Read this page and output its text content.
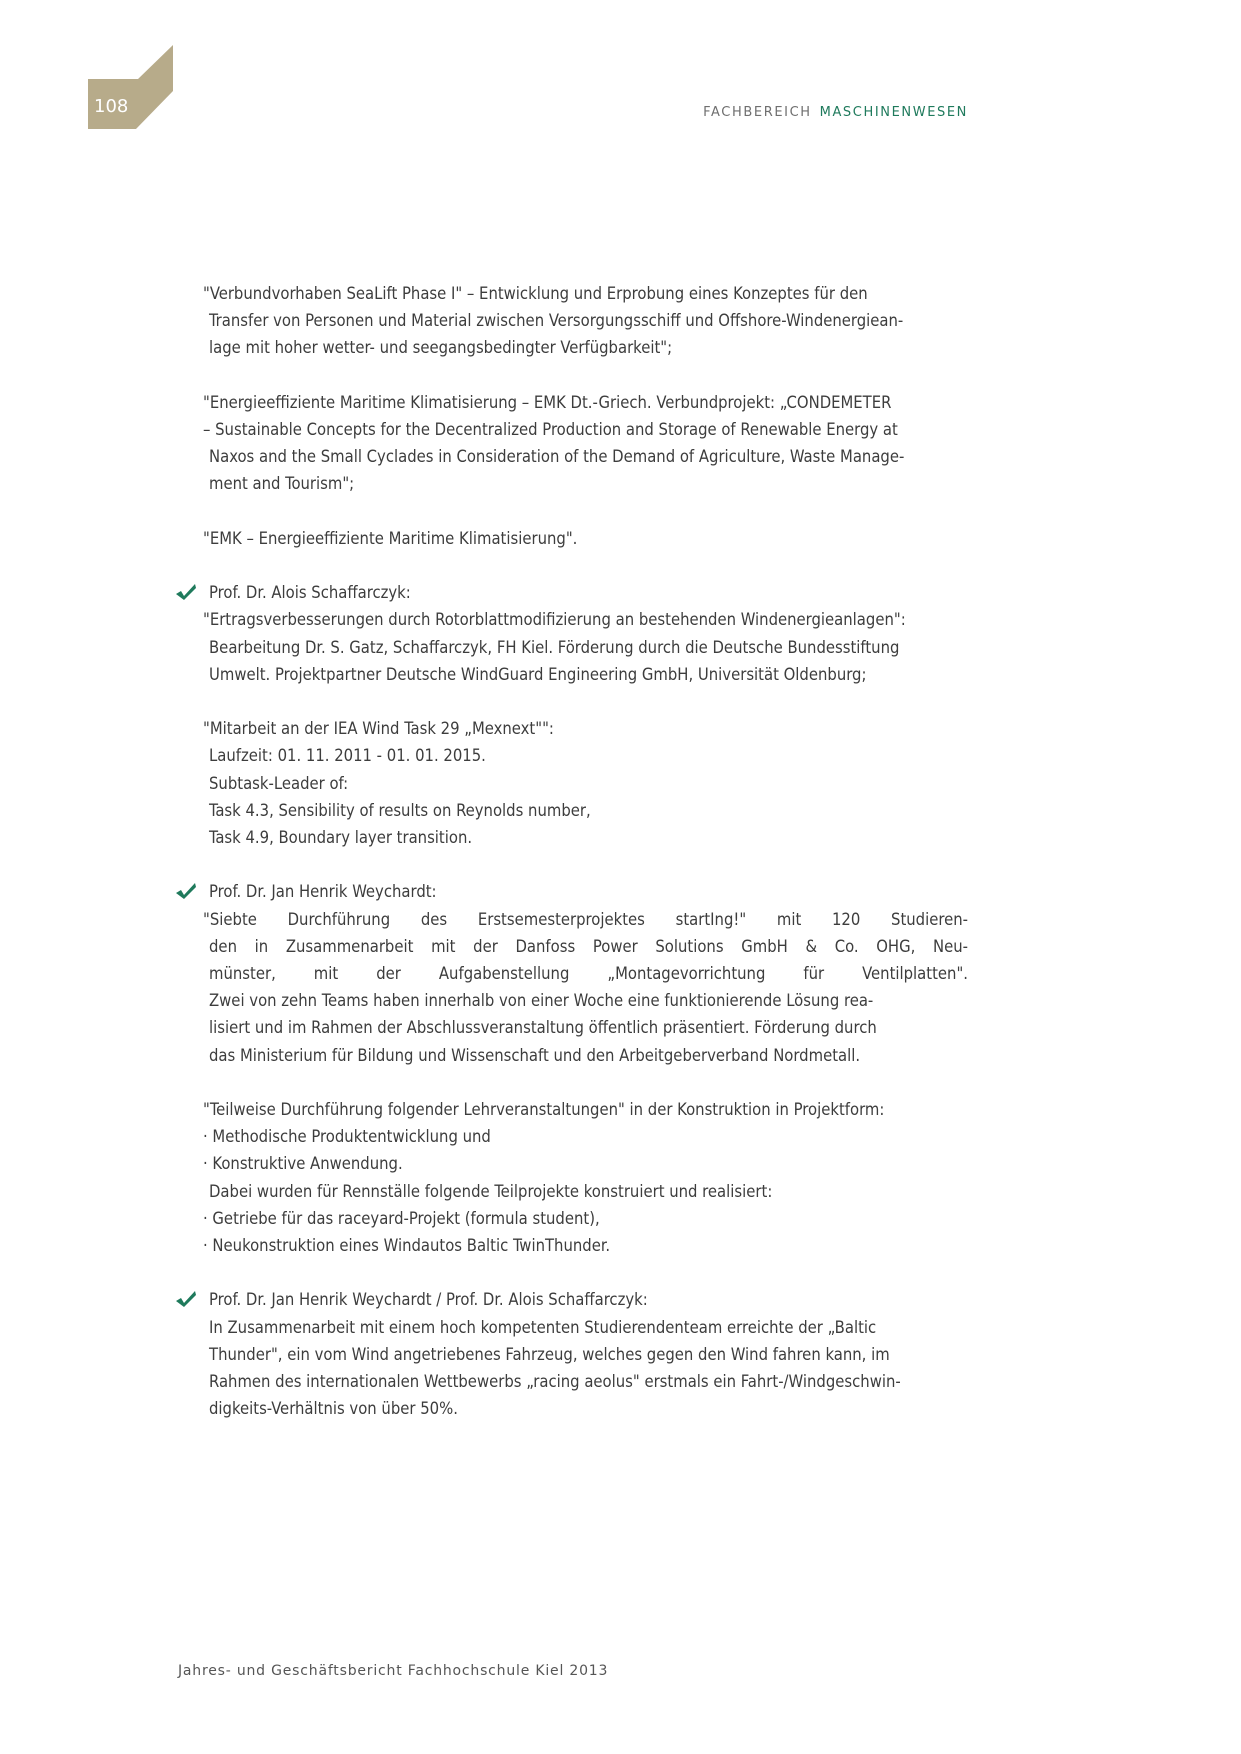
108	FACHBEREICH MASCHINENWESEN

"Verbundvorhaben SeaLift Phase I" – Entwicklung und Erprobung eines Konzeptes für den
Transfer von Personen und Material zwischen Versorgungsschiff und Offshore-Windenergiean-
lage mit hoher wetter- und seegangsbedingter Verfügbarkeit";

"Energieeffiziente Maritime Klimatisierung – EMK Dt.-Griech. Verbundprojekt: „CONDEMETER
– Sustainable Concepts for the Decentralized Production and Storage of Renewable Energy at
Naxos and the Small Cyclades in Consideration of the Demand of Agriculture, Waste Manage-
ment and Tourism";

"EMK – Energieeffiziente Maritime Klimatisierung".

Prof. Dr. Alois Schaffarczyk:

"Ertragsverbesserungen durch Rotorblattmodifizierung an bestehenden Windenergieanlagen":
Bearbeitung Dr. S. Gatz, Schaffarczyk, FH Kiel. Förderung durch die Deutsche Bundesstiftung
Umwelt. Projektpartner Deutsche WindGuard Engineering GmbH, Universität Oldenburg;

"Mitarbeit an der IEA Wind Task 29 „Mexnext"":
Laufzeit: 01. 11. 2011 - 01. 01. 2015.
Subtask-Leader of:
Task 4.3, Sensibility of results on Reynolds number,
Task 4.9, Boundary layer transition.

Prof. Dr. Jan Henrik Weychardt:

"Siebte Durchführung des Erstsemesterprojektes startIng!" mit 120 Studieren-
den in Zusammenarbeit mit der Danfoss Power Solutions GmbH & Co. OHG, Neu-
münster, mit der Aufgabenstellung „Montagevorrichtung für Ventilplatten".
Zwei von zehn Teams haben innerhalb von einer Woche eine funktionierende Lösung rea-
lisiert und im Rahmen der Abschlussveranstaltung öffentlich präsentiert. Förderung durch
das Ministerium für Bildung und Wissenschaft und den Arbeitgeberverband Nordmetall.

"Teilweise Durchführung folgender Lehrveranstaltungen" in der Konstruktion in Projektform:
· Methodische Produktentwicklung und
· Konstruktive Anwendung.
Dabei wurden für Rennställe folgende Teilprojekte konstruiert und realisiert:
· Getriebe für das raceyard-Projekt (formula student),
· Neukonstruktion eines Windautos Baltic TwinThunder.

Prof. Dr. Jan Henrik Weychardt / Prof. Dr. Alois Schaffarczyk:

In Zusammenarbeit mit einem hoch kompetenten Studierendenteam erreichte der „Baltic
Thunder", ein vom Wind angetriebenes Fahrzeug, welches gegen den Wind fahren kann, im
Rahmen des internationalen Wettbewerbs „racing aeolus" erstmals ein Fahrt-/Windgeschwin-
digkeits-Verhältnis von über 50%.

Jahres- und Geschäftsbericht Fachhochschule Kiel 2013
